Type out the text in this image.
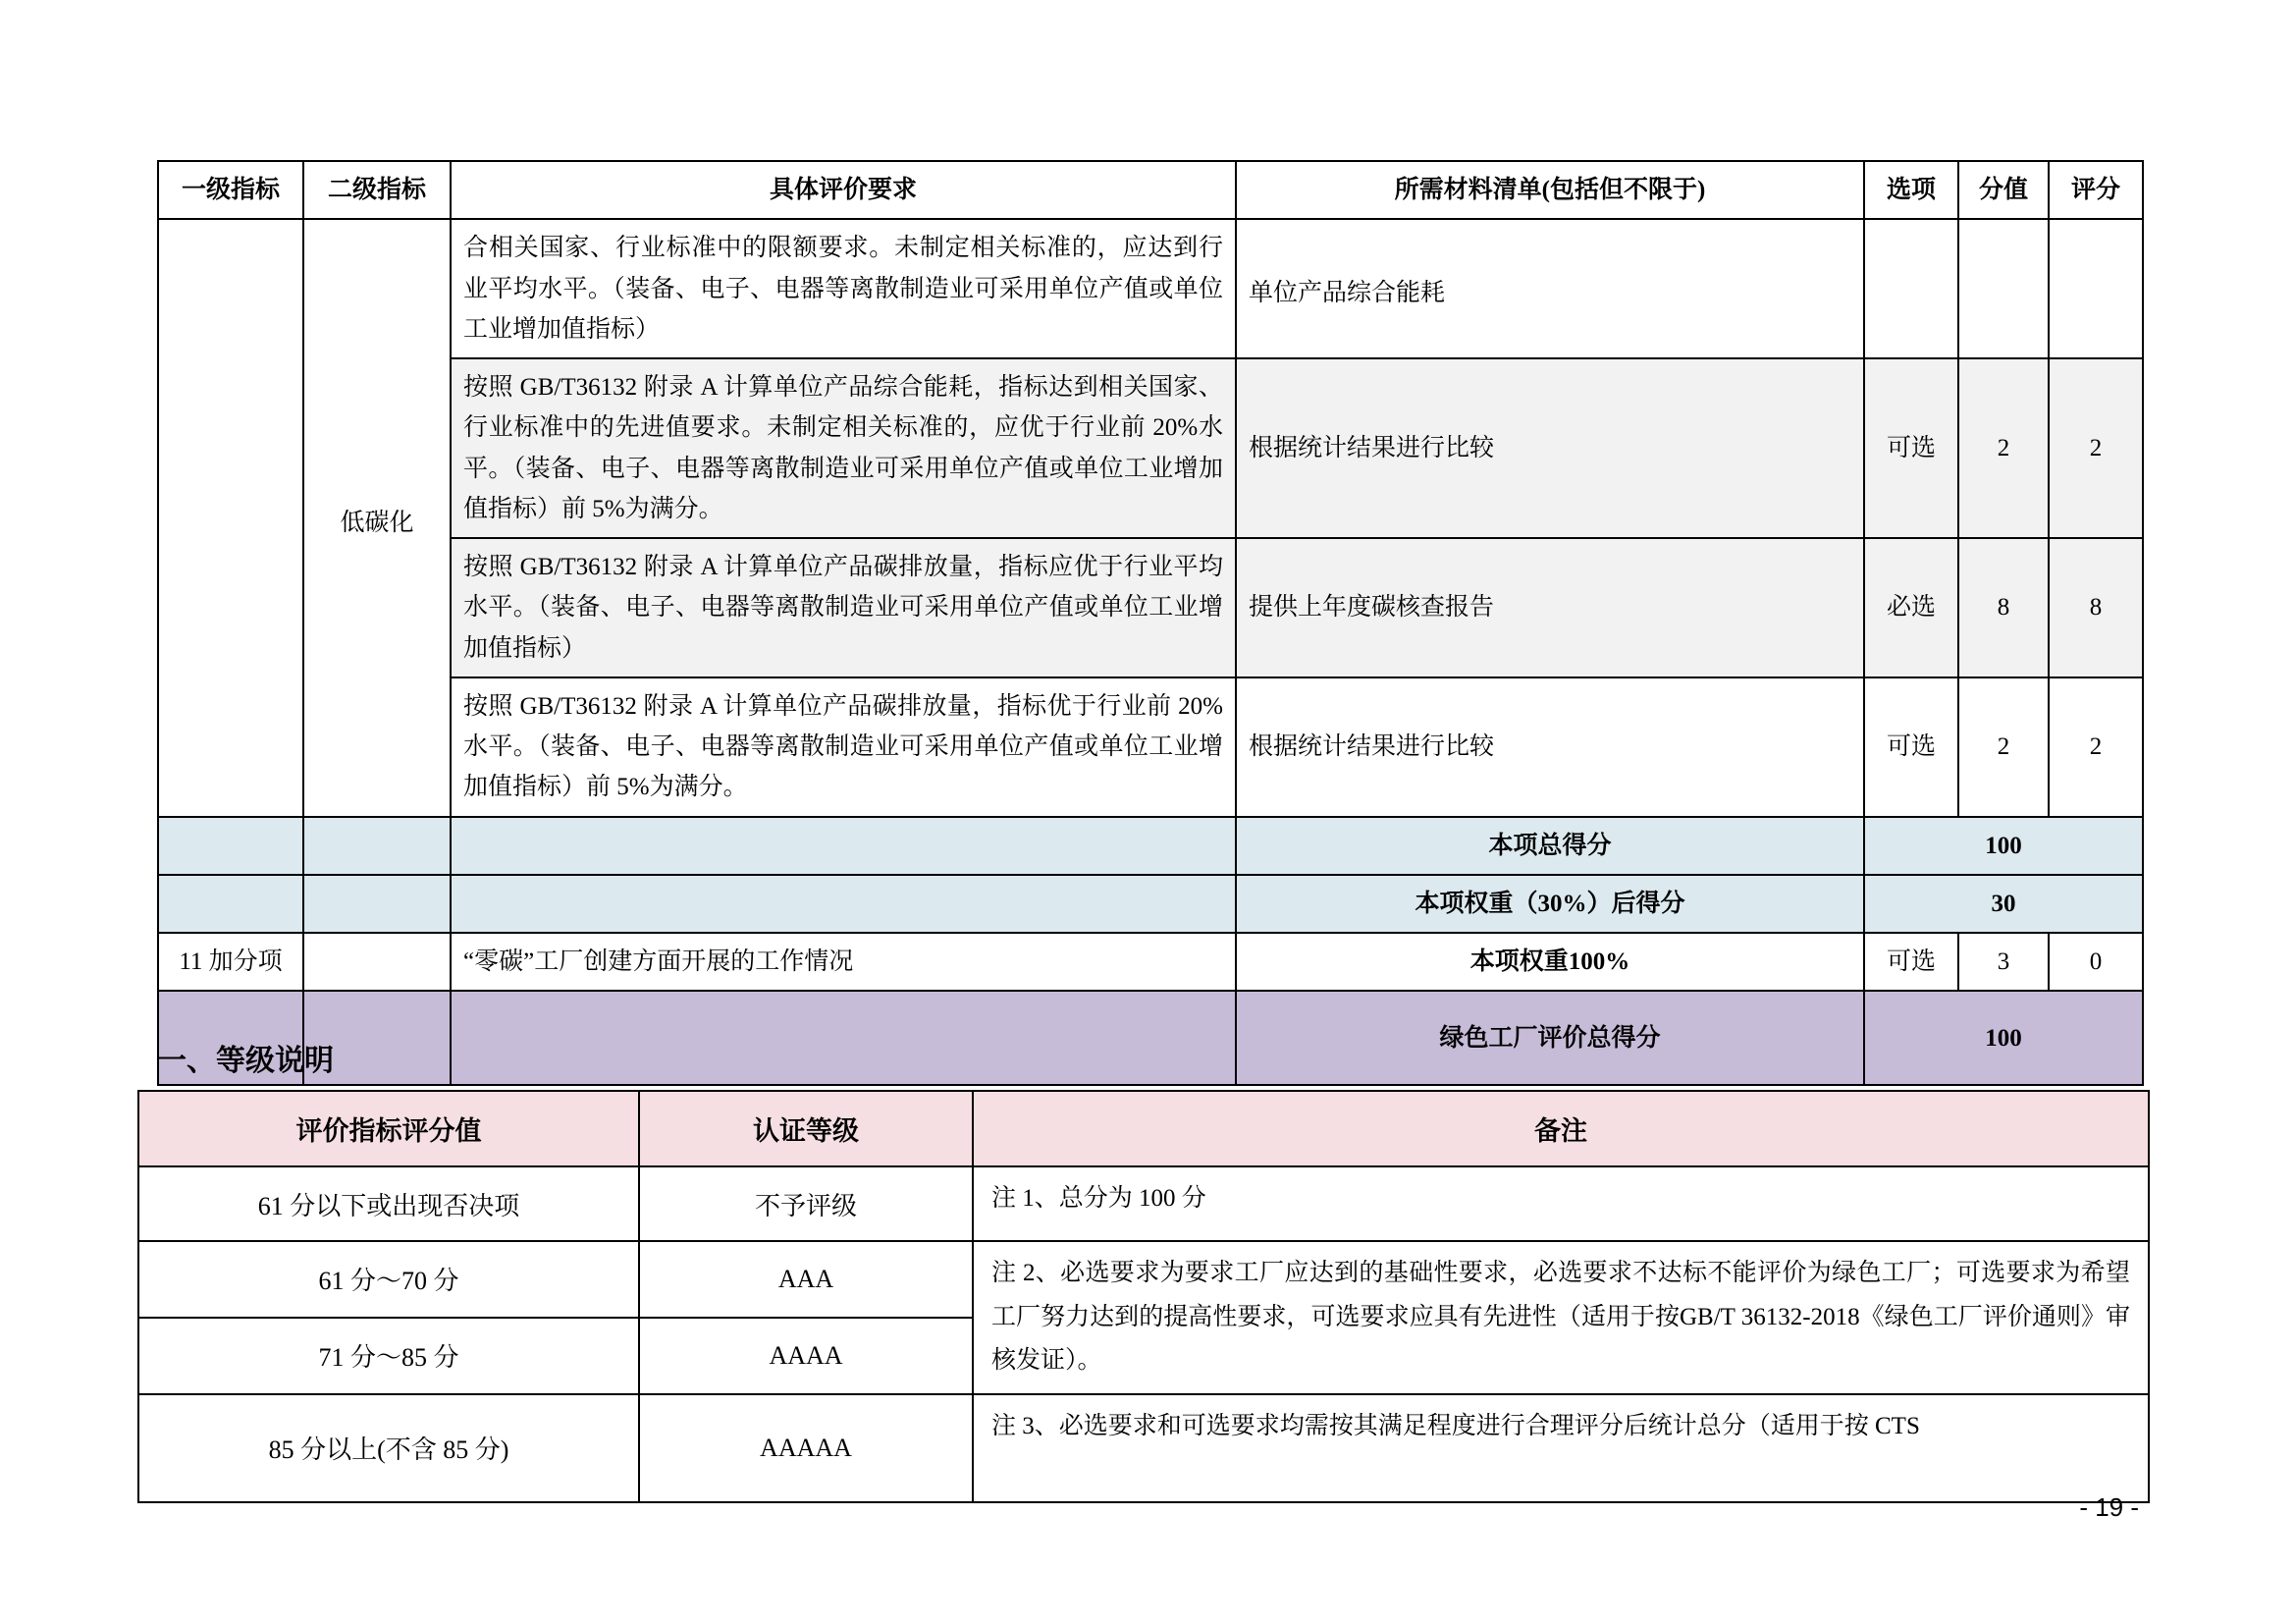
一级指标	二级指标	具体评价要求	所需材料清单(包括但不限于)	选项	分值	评分
	低碳化	合相关国家、行业标准中的限额要求。未制定相关标准的，应达到行业平均水平。（装备、电子、电器等离散制造业可采用单位产值或单位工业增加值指标）	单位产品综合能耗			
		按照 GB/T36132 附录 A 计算单位产品综合能耗，指标达到相关国家、行业标准中的先进值要求。未制定相关标准的，应优于行业前 20%水平。（装备、电子、电器等离散制造业可采用单位产值或单位工业增加值指标）前 5%为满分。	根据统计结果进行比较	可选	2	2
		按照 GB/T36132 附录 A 计算单位产品碳排放量，指标应优于行业平均水平。（装备、电子、电器等离散制造业可采用单位产值或单位工业增加值指标）	提供上年度碳核查报告	必选	8	8
		按照 GB/T36132 附录 A 计算单位产品碳排放量，指标优于行业前 20%水平。（装备、电子、电器等离散制造业可采用单位产值或单位工业增加值指标）前 5%为满分。	根据统计结果进行比较	可选	2	2
			本项总得分	100		
			本项权重（30%）后得分	30		
11 加分项		“零碳”工厂创建方面开展的工作情况	本项权重100%	可选	3	0
			绿色工厂评价总得分	100		
一、等级说明
评价指标评分值	认证等级	备注
61 分以下或出现否决项	不予评级	注 1、总分为 100 分
61 分～70 分	AAA	注 2、必选要求为要求工厂应达到的基础性要求，必选要求不达标不能评价为绿色工厂；可选要求为希望工厂努力达到的提高性要求，可选要求应具有先进性（适用于按GB/T 36132-2018《绿色工厂评价通则》审核发证）。
71 分～85 分	AAAA	
85 分以上(不含 85 分)	AAAAA	注 3、必选要求和可选要求均需按其满足程度进行合理评分后统计总分（适用于按 CTS
- 19 -
